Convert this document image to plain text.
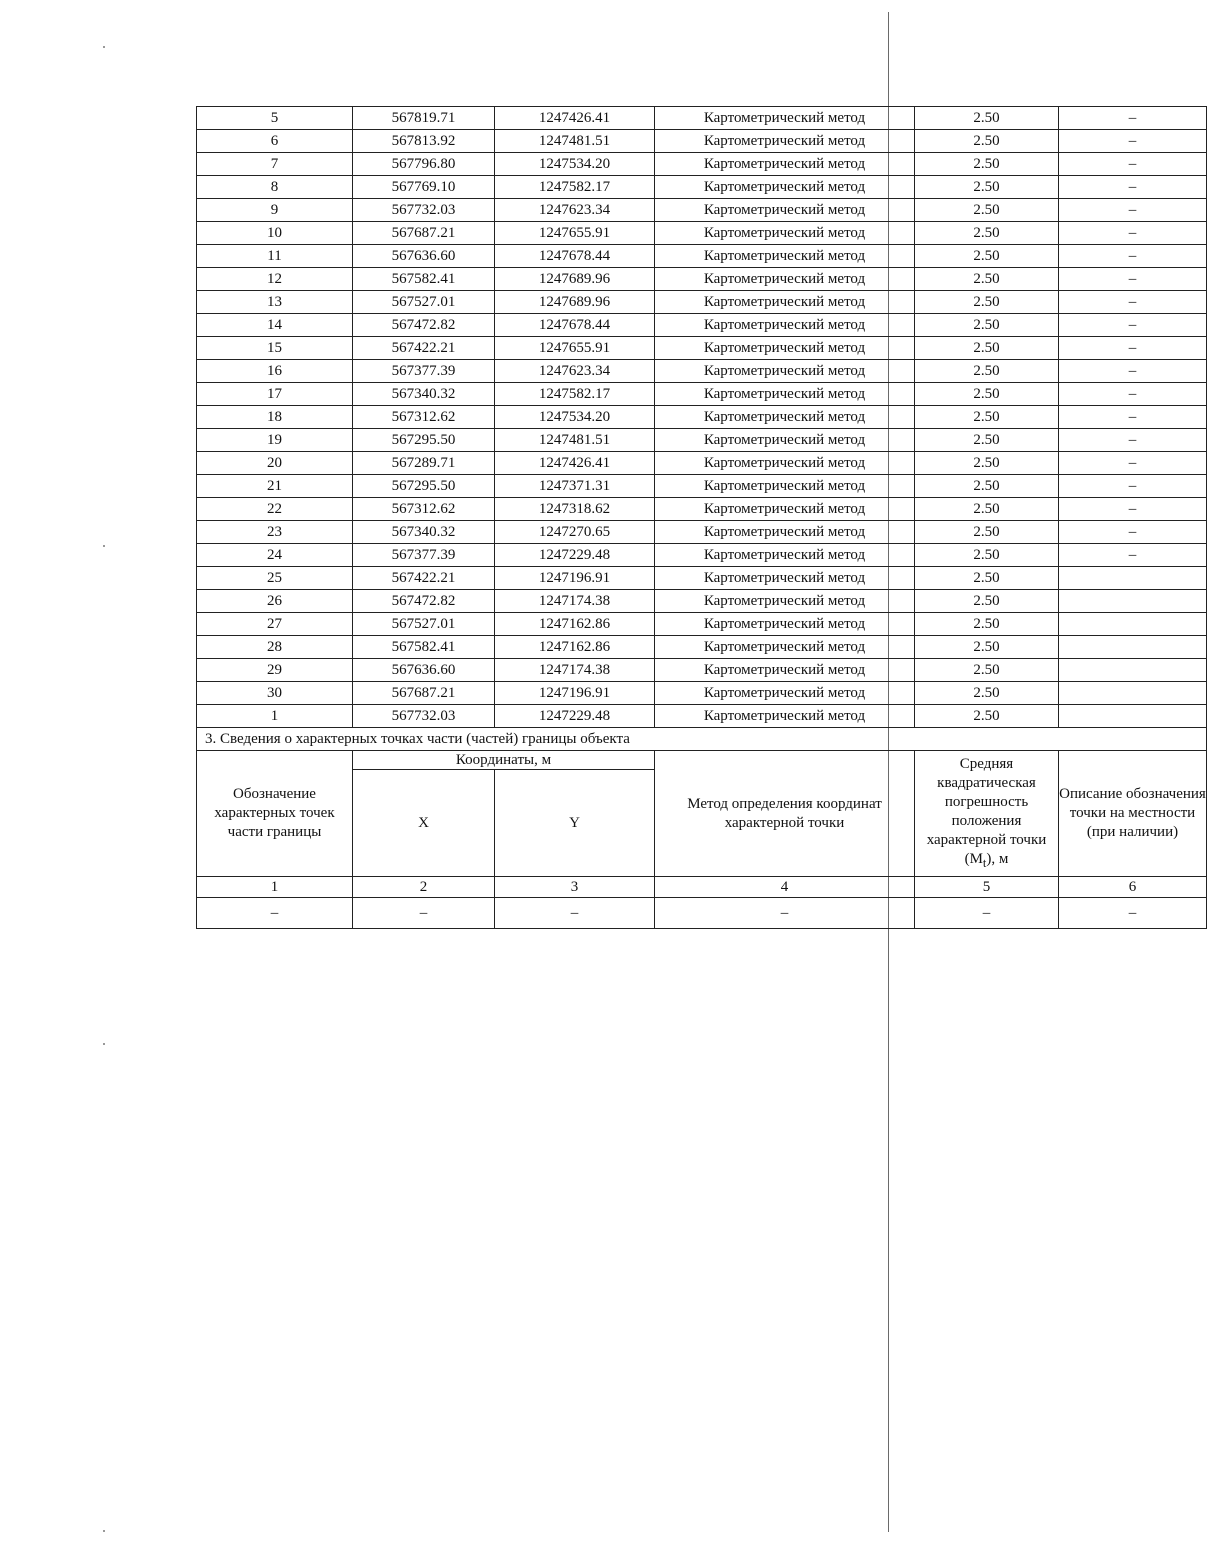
5	567819.71	1247426.41	Картометрический метод	2.50	–
6	567813.92	1247481.51	Картометрический метод	2.50	–
7	567796.80	1247534.20	Картометрический метод	2.50	–
8	567769.10	1247582.17	Картометрический метод	2.50	–
9	567732.03	1247623.34	Картометрический метод	2.50	–
10	567687.21	1247655.91	Картометрический метод	2.50	–
11	567636.60	1247678.44	Картометрический метод	2.50	–
12	567582.41	1247689.96	Картометрический метод	2.50	–
13	567527.01	1247689.96	Картометрический метод	2.50	–
14	567472.82	1247678.44	Картометрический метод	2.50	–
15	567422.21	1247655.91	Картометрический метод	2.50	–
16	567377.39	1247623.34	Картометрический метод	2.50	–
17	567340.32	1247582.17	Картометрический метод	2.50	–
18	567312.62	1247534.20	Картометрический метод	2.50	–
19	567295.50	1247481.51	Картометрический метод	2.50	–
20	567289.71	1247426.41	Картометрический метод	2.50	–
21	567295.50	1247371.31	Картометрический метод	2.50	–
22	567312.62	1247318.62	Картометрический метод	2.50	–
23	567340.32	1247270.65	Картометрический метод	2.50	–
24	567377.39	1247229.48	Картометрический метод	2.50	–
25	567422.21	1247196.91	Картометрический метод	2.50	
26	567472.82	1247174.38	Картометрический метод	2.50	
27	567527.01	1247162.86	Картометрический метод	2.50	
28	567582.41	1247162.86	Картометрический метод	2.50	
29	567636.60	1247174.38	Картометрический метод	2.50	
30	567687.21	1247196.91	Картометрический метод	2.50	
1	567732.03	1247229.48	Картометрический метод	2.50	
3. Сведения о характерных точках части (частей) границы объекта					
Обозначение характерных точек части границы	Координаты, м		Метод определения координат характерной точки	Средняя квадратическая погрешность положения характерной точки $(M_t)$, м	Описание обозначения точки на местности (при наличии)
	X	Y			
1	2	3	4	5	6
–	–	–	–	–	–
